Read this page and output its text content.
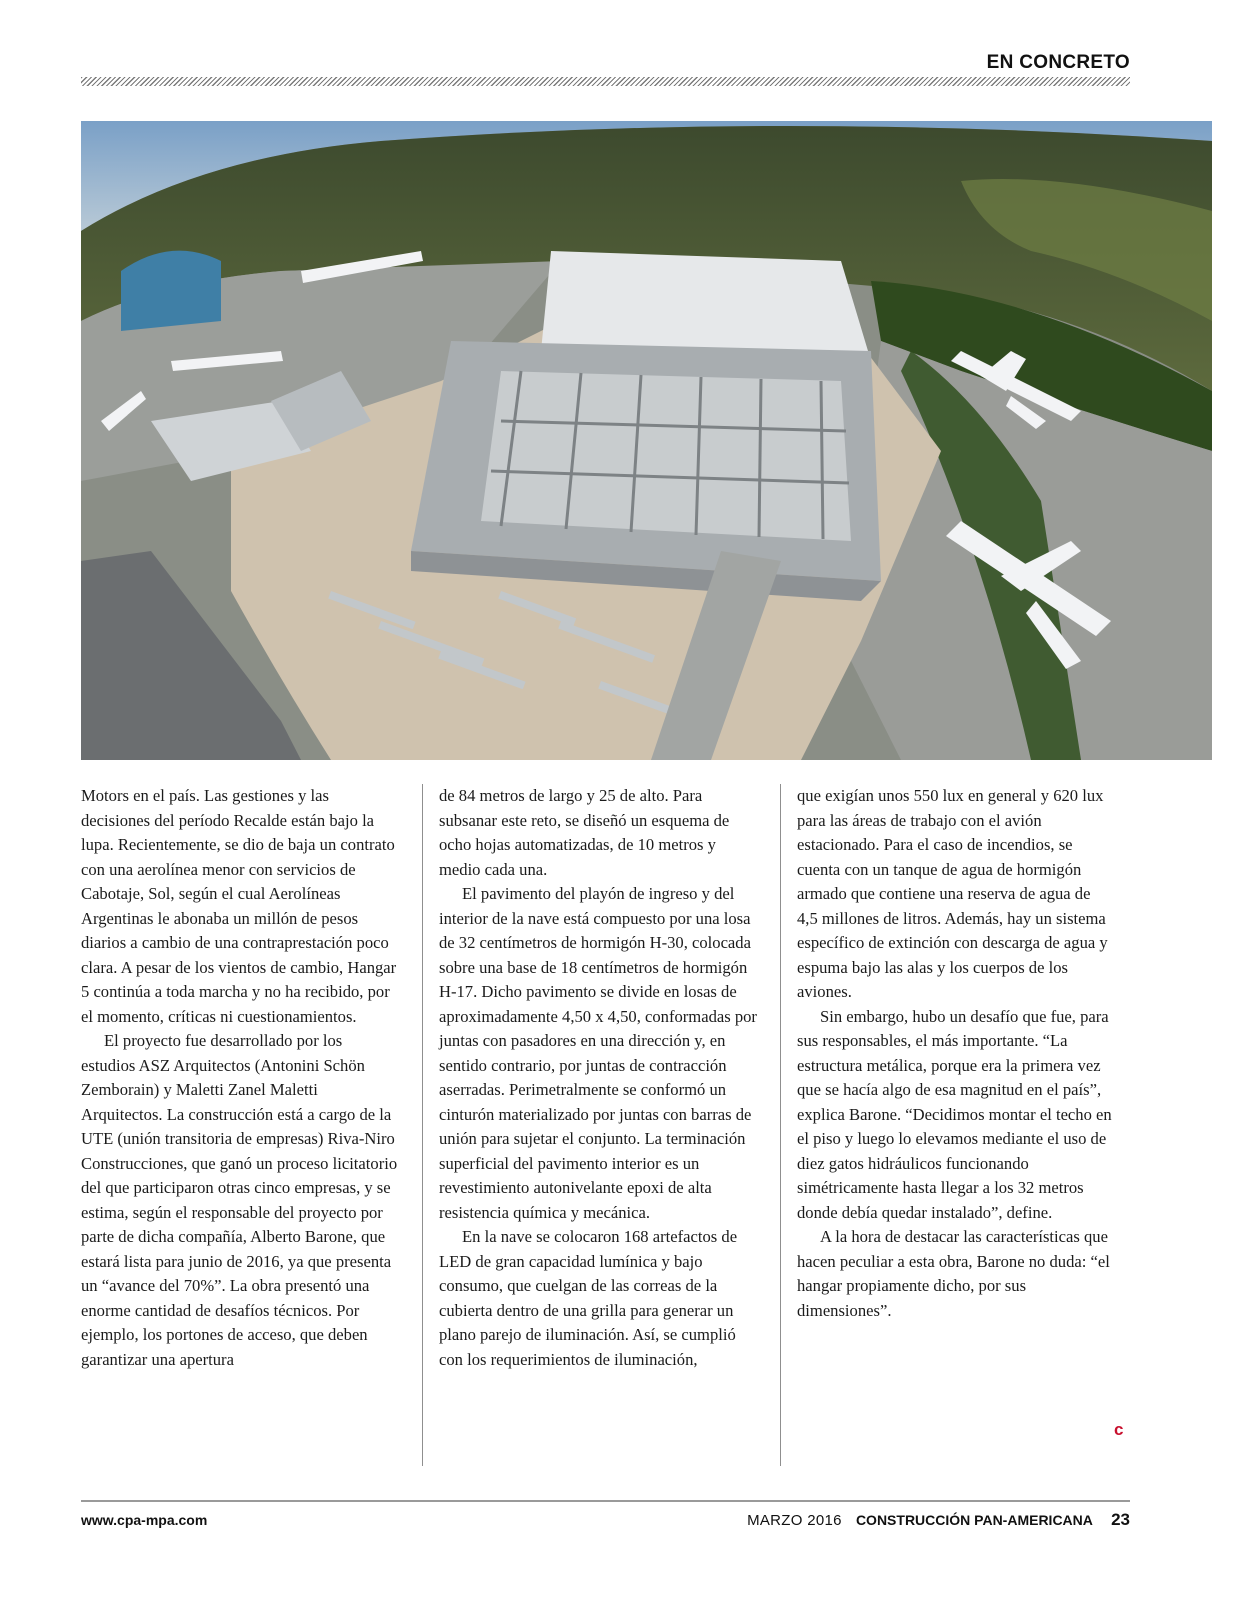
EN CONCRETO

Motors en el país. Las gestiones y las decisiones del período Recalde están bajo la lupa. Recientemente, se dio de baja un contrato con una aerolínea menor con servicios de Cabotaje, Sol, según el cual Aerolíneas Argentinas le abonaba un millón de pesos diarios a cambio de una contraprestación poco clara. A pesar de los vientos de cambio, Hangar 5 continúa a toda marcha y no ha recibido, por el momento, críticas ni cuestionamientos.

El proyecto fue desarrollado por los estudios ASZ Arquitectos (Antonini Schön Zemborain) y Maletti Zanel Maletti Arquitectos. La construcción está a cargo de la UTE (unión transitoria de empresas) Riva-Niro Construcciones, que ganó un proceso licitatorio del que participaron otras cinco empresas, y se estima, según el responsable del proyecto por parte de dicha compañía, Alberto Barone, que estará lista para junio de 2016, ya que presenta un “avance del 70%”. La obra presentó una enorme cantidad de desafíos técnicos. Por ejemplo, los portones de acceso, que deben garantizar una apertura

de 84 metros de largo y 25 de alto. Para subsanar este reto, se diseñó un esquema de ocho hojas automatizadas, de 10 metros y medio cada una.

El pavimento del playón de ingreso y del interior de la nave está compuesto por una losa de 32 centímetros de hormigón H-30, colocada sobre una base de 18 centímetros de hormigón H-17. Dicho pavimento se divide en losas de aproximadamente 4,50 x 4,50, conformadas por juntas con pasadores en una dirección y, en sentido contrario, por juntas de contracción aserradas. Perimetralmente se conformó un cinturón materializado por juntas con barras de unión para sujetar el conjunto. La terminación superficial del pavimento interior es un revestimiento autonivelante epoxi de alta resistencia química y mecánica.

En la nave se colocaron 168 artefactos de LED de gran capacidad lumínica y bajo consumo, que cuelgan de las correas de la cubierta dentro de una grilla para generar un plano parejo de iluminación. Así, se cumplió con los requerimientos de iluminación,

que exigían unos 550 lux en general y 620 lux para las áreas de trabajo con el avión estacionado. Para el caso de incendios, se cuenta con un tanque de agua de hormigón armado que contiene una reserva de agua de 4,5 millones de litros. Además, hay un sistema específico de extinción con descarga de agua y espuma bajo las alas y los cuerpos de los aviones.

Sin embargo, hubo un desafío que fue, para sus responsables, el más importante. “La estructura metálica, porque era la primera vez que se hacía algo de esa magnitud en el país”, explica Barone. “Decidimos montar el techo en el piso y luego lo elevamos mediante el uso de diez gatos hidráulicos funcionando simétricamente hasta llegar a los 32 metros donde debía quedar instalado”, define.

A la hora de destacar las características que hacen peculiar a esta obra, Barone no duda: “el hangar propiamente dicho, por sus dimensiones”.

c
www.cpa-mpa.com	MARZO 2016 CONSTRUCCIÓN PAN-AMERICANA 23
